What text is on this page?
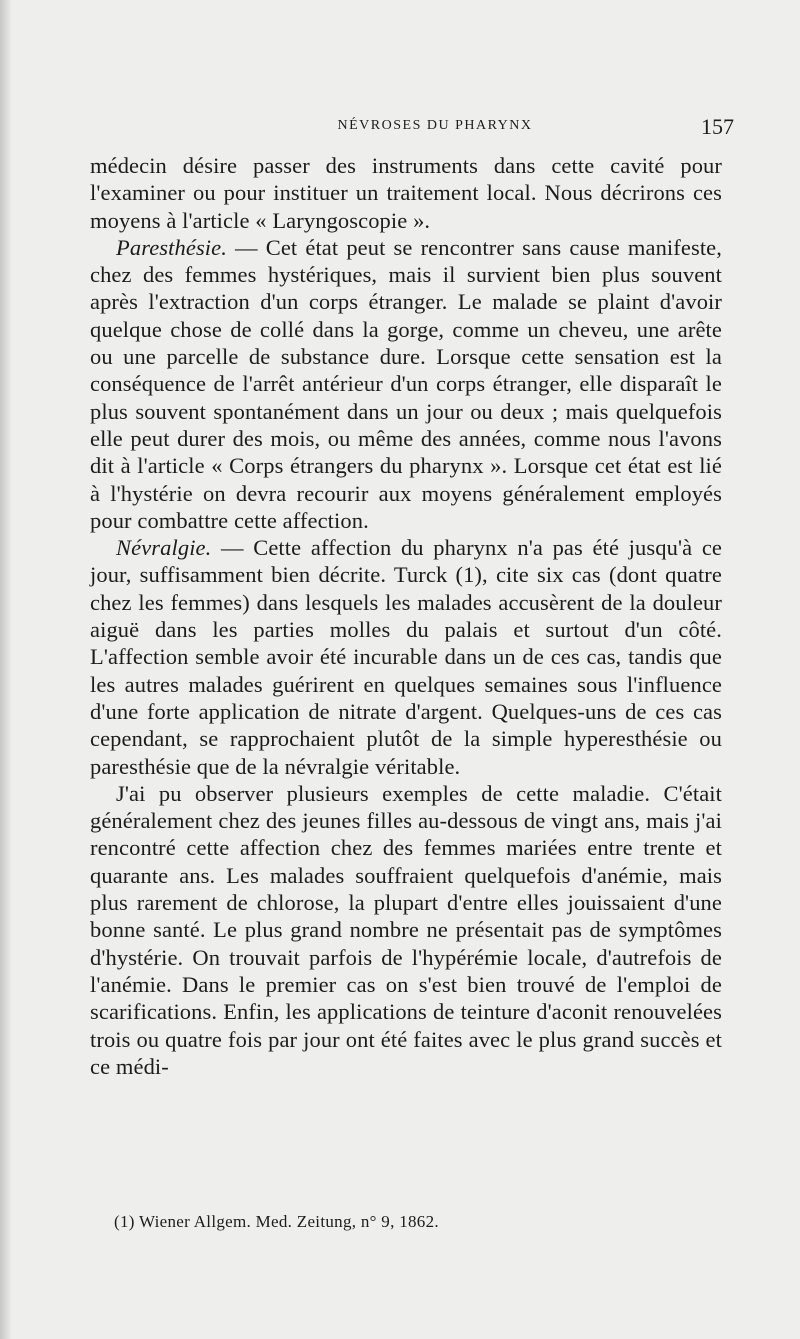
NÉVROSES DU PHARYNX	157

médecin désire passer des instruments dans cette cavité pour l'examiner ou pour instituer un traitement local. Nous décrirons ces moyens à l'article « Laryngoscopie ».

Paresthésie. — Cet état peut se rencontrer sans cause manifeste, chez des femmes hystériques, mais il survient bien plus souvent après l'extraction d'un corps étranger. Le malade se plaint d'avoir quelque chose de collé dans la gorge, comme un cheveu, une arête ou une parcelle de substance dure. Lorsque cette sensation est la conséquence de l'arrêt antérieur d'un corps étranger, elle disparaît le plus souvent spontanément dans un jour ou deux ; mais quelquefois elle peut durer des mois, ou même des années, comme nous l'avons dit à l'article « Corps étrangers du pharynx ». Lorsque cet état est lié à l'hystérie on devra recourir aux moyens généralement employés pour combattre cette affection.

Névralgie. — Cette affection du pharynx n'a pas été jusqu'à ce jour, suffisamment bien décrite. Turck (1), cite six cas (dont quatre chez les femmes) dans lesquels les malades accusèrent de la douleur aiguë dans les parties molles du palais et surtout d'un côté. L'affection semble avoir été incurable dans un de ces cas, tandis que les autres malades guérirent en quelques semaines sous l'influence d'une forte application de nitrate d'argent. Quelques-uns de ces cas cependant, se rapprochaient plutôt de la simple hyperesthésie ou paresthésie que de la névralgie véritable.

J'ai pu observer plusieurs exemples de cette maladie. C'était généralement chez des jeunes filles au-dessous de vingt ans, mais j'ai rencontré cette affection chez des femmes mariées entre trente et quarante ans. Les malades souffraient quelquefois d'anémie, mais plus rarement de chlorose, la plupart d'entre elles jouissaient d'une bonne santé. Le plus grand nombre ne présentait pas de symptômes d'hystérie. On trouvait parfois de l'hypérémie locale, d'autrefois de l'anémie. Dans le premier cas on s'est bien trouvé de l'emploi de scarifications. Enfin, les applications de teinture d'aconit renouvelées trois ou quatre fois par jour ont été faites avec le plus grand succès et ce médi-

(1) Wiener Allgem. Med. Zeitung, n° 9, 1862.
